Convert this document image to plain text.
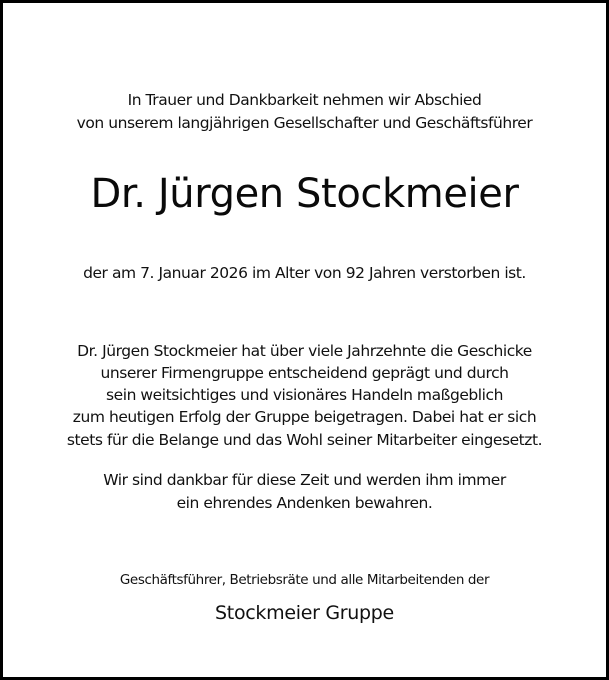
In Trauer und Dankbarkeit nehmen wir Abschied
von unserem langjährigen Gesellschafter und Geschäftsführer
Dr. Jürgen Stockmeier
der am 7. Januar 2026 im Alter von 92 Jahren verstorben ist.
Dr. Jürgen Stockmeier hat über viele Jahrzehnte die Geschicke
unserer Firmengruppe entscheidend geprägt und durch
sein weitsichtiges und visionäres Handeln maßgeblich
zum heutigen Erfolg der Gruppe beigetragen. Dabei hat er sich
stets für die Belange und das Wohl seiner Mitarbeiter eingesetzt.
Wir sind dankbar für diese Zeit und werden ihm immer
ein ehrendes Andenken bewahren.
Geschäftsführer, Betriebsräte und alle Mitarbeitenden der
Stockmeier Gruppe
